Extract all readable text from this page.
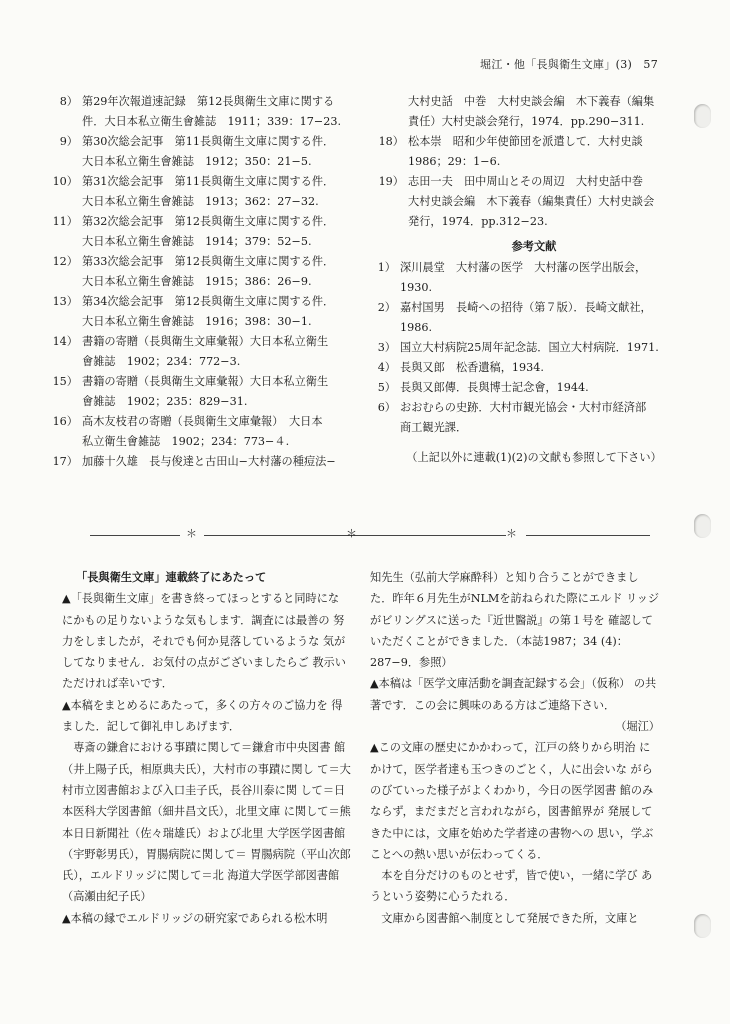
堀江・他「長與衛生文庫」(3)　57
8） 第29年次報道速記録　第12長與衛生文庫に関する
件．大日本私立衛生會雑誌　1911；339：17−23.
9） 第30次総会記事　第11長與衛生文庫に関する件．
大日本私立衛生會雑誌　1912；350：21−5.
10） 第31次総会記事　第11長與衛生文庫に関する件．
大日本私立衛生會雑誌　1913；362：27−32.
11） 第32次総会記事　第12長與衛生文庫に関する件．
大日本私立衛生會雑誌　1914；379：52−5.
12） 第33次総会記事　第12長與衛生文庫に関する件．
大日本私立衛生會雑誌　1915；386：26−9.
13） 第34次総会記事　第12長與衛生文庫に関する件．
大日本私立衛生會雑誌　1916；398：30−1.
14） 書籍の寄贈（長與衛生文庫彙報）大日本私立衛生
會雑誌　1902；234：772−3.
15） 書籍の寄贈（長與衛生文庫彙報）大日本私立衛生
會雑誌　1902；235：829−31.
16） 高木友枝君の寄贈（長與衛生文庫彙報）　大日本
私立衛生會雑誌　1902；234：773−４.
17） 加藤十久雄　長与俊達と古田山−大村藩の種痘法−
大村史話　中巻　大村史談会編　木下義春（編集
責任）大村史談会発行，1974．pp.290−311.
18） 松本崇　昭和少年使節団を派遣して．大村史談
1986；29：1−6.
19） 志田一夫　田中周山とその周辺　大村史話中巻
大村史談会編　木下義春（編集責任）大村史談会
発行，1974．pp.312−23.
参考文献
1） 深川晨堂　大村藩の医学　大村藩の医学出版会，
1930.
2） 嘉村国男　長崎への招待（第７版）．長崎文献社，
1986.
3） 国立大村病院25周年記念誌．国立大村病院．1971.
4） 長與又郎　松香遺稿，1934.
5） 長與又郎傳．長與博士記念會，1944.
6） おおむらの史跡．大村市観光協会・大村市経済部
商工観光課．
（上記以外に連載(1)(2)の文献も参照して下さい）
＊	＊	＊
「長與衛生文庫」連載終了にあたって

▲「長與衛生文庫」を書き終ってほっとすると同時にな にかもの足りないような気もします．調査には最善の 努力をしましたが，それでも何か見落しているような 気がしてなりません．お気付の点がございましたらご 教示いただければ幸いです．

▲本稿をまとめるにあたって，多くの方々のご協力を 得ました．記して御礼申しあげます．

専斎の鎌倉における事蹟に関して＝鎌倉市中央図書 館（井上陽子氏，相原典夫氏），大村市の事蹟に関し て＝大村市立図書館および入口圭子氏，長谷川泰に関 して＝日本医科大学図書館（細井昌文氏），北里文庫 に関して＝熊本日日新聞社（佐々瑞雄氏）および北里 大学医学図書館（宇野彰男氏），胃腸病院に関して＝ 胃腸病院（平山次郎氏），エルドリッジに関して＝北 海道大学医学部図書館（高瀬由紀子氏）

▲本稿の縁でエルドリッジの研究家であられる松木明

知先生（弘前大学麻酔科）と知り合うことができまし た．昨年６月先生がNLMを訪ねられた際にエルド リッジがビリングスに送った『近世醫説』の第１号を 確認していただくことができました．（本誌1987；34 (4)：287−9．参照）

▲本稿は「医学文庫活動を調査記録する会」（仮称） の共著です．この会に興味のある方はご連絡下さい．

（堀江）

▲この文庫の歴史にかかわって，江戸の終りから明治 にかけて，医学者達も玉つきのごとく，人に出会いな がらのびていった様子がよくわかり，今日の医学図書 館のみならず，まだまだと言われながら，図書館界が 発展してきた中には，文庫を始めた学者達の書物への 思い，学ぶことへの熱い思いが伝わってくる．

本を自分だけのものとせず，皆で使い，一緒に学び あうという姿勢に心うたれる．

文庫から図書館へ制度として発展できた所，文庫と
